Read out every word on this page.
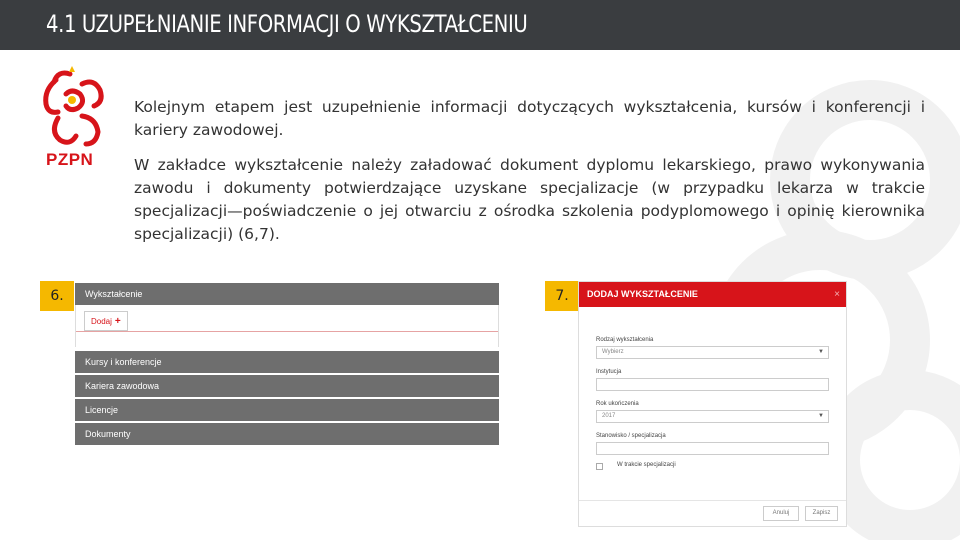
4.1 UZUPEŁNIANIE INFORMACJI O WYKSZTAŁCENIU
PZPN
Kolejnym etapem jest uzupełnienie informacji dotyczących wykształcenia, kursów i konferencji i kariery zawodowej.
W zakładce wykształcenie należy załadować dokument dyplomu lekarskiego, prawo wykonywania zawodu i dokumenty potwierdzające uzyskane specjalizacje (w przypadku lekarza w trakcie specjalizacji—poświadczenie o jej otwarciu z ośrodka szkolenia podyplomowego i opinię kierownika specjalizacji) (6,7).
6.	7.
Wykształcenie
Dodaj +
Kursy i konferencje
Kariera zawodowa
Licencje
Dokumenty
DODAJ WYKSZTAŁCENIE	×
Rodzaj wykształcenia
Wybierz	▼
Instytucja
Rok ukończenia
2017	▼
Stanowisko / specjalizacja
W trakcie specjalizacji
Anuluj	Zapisz
